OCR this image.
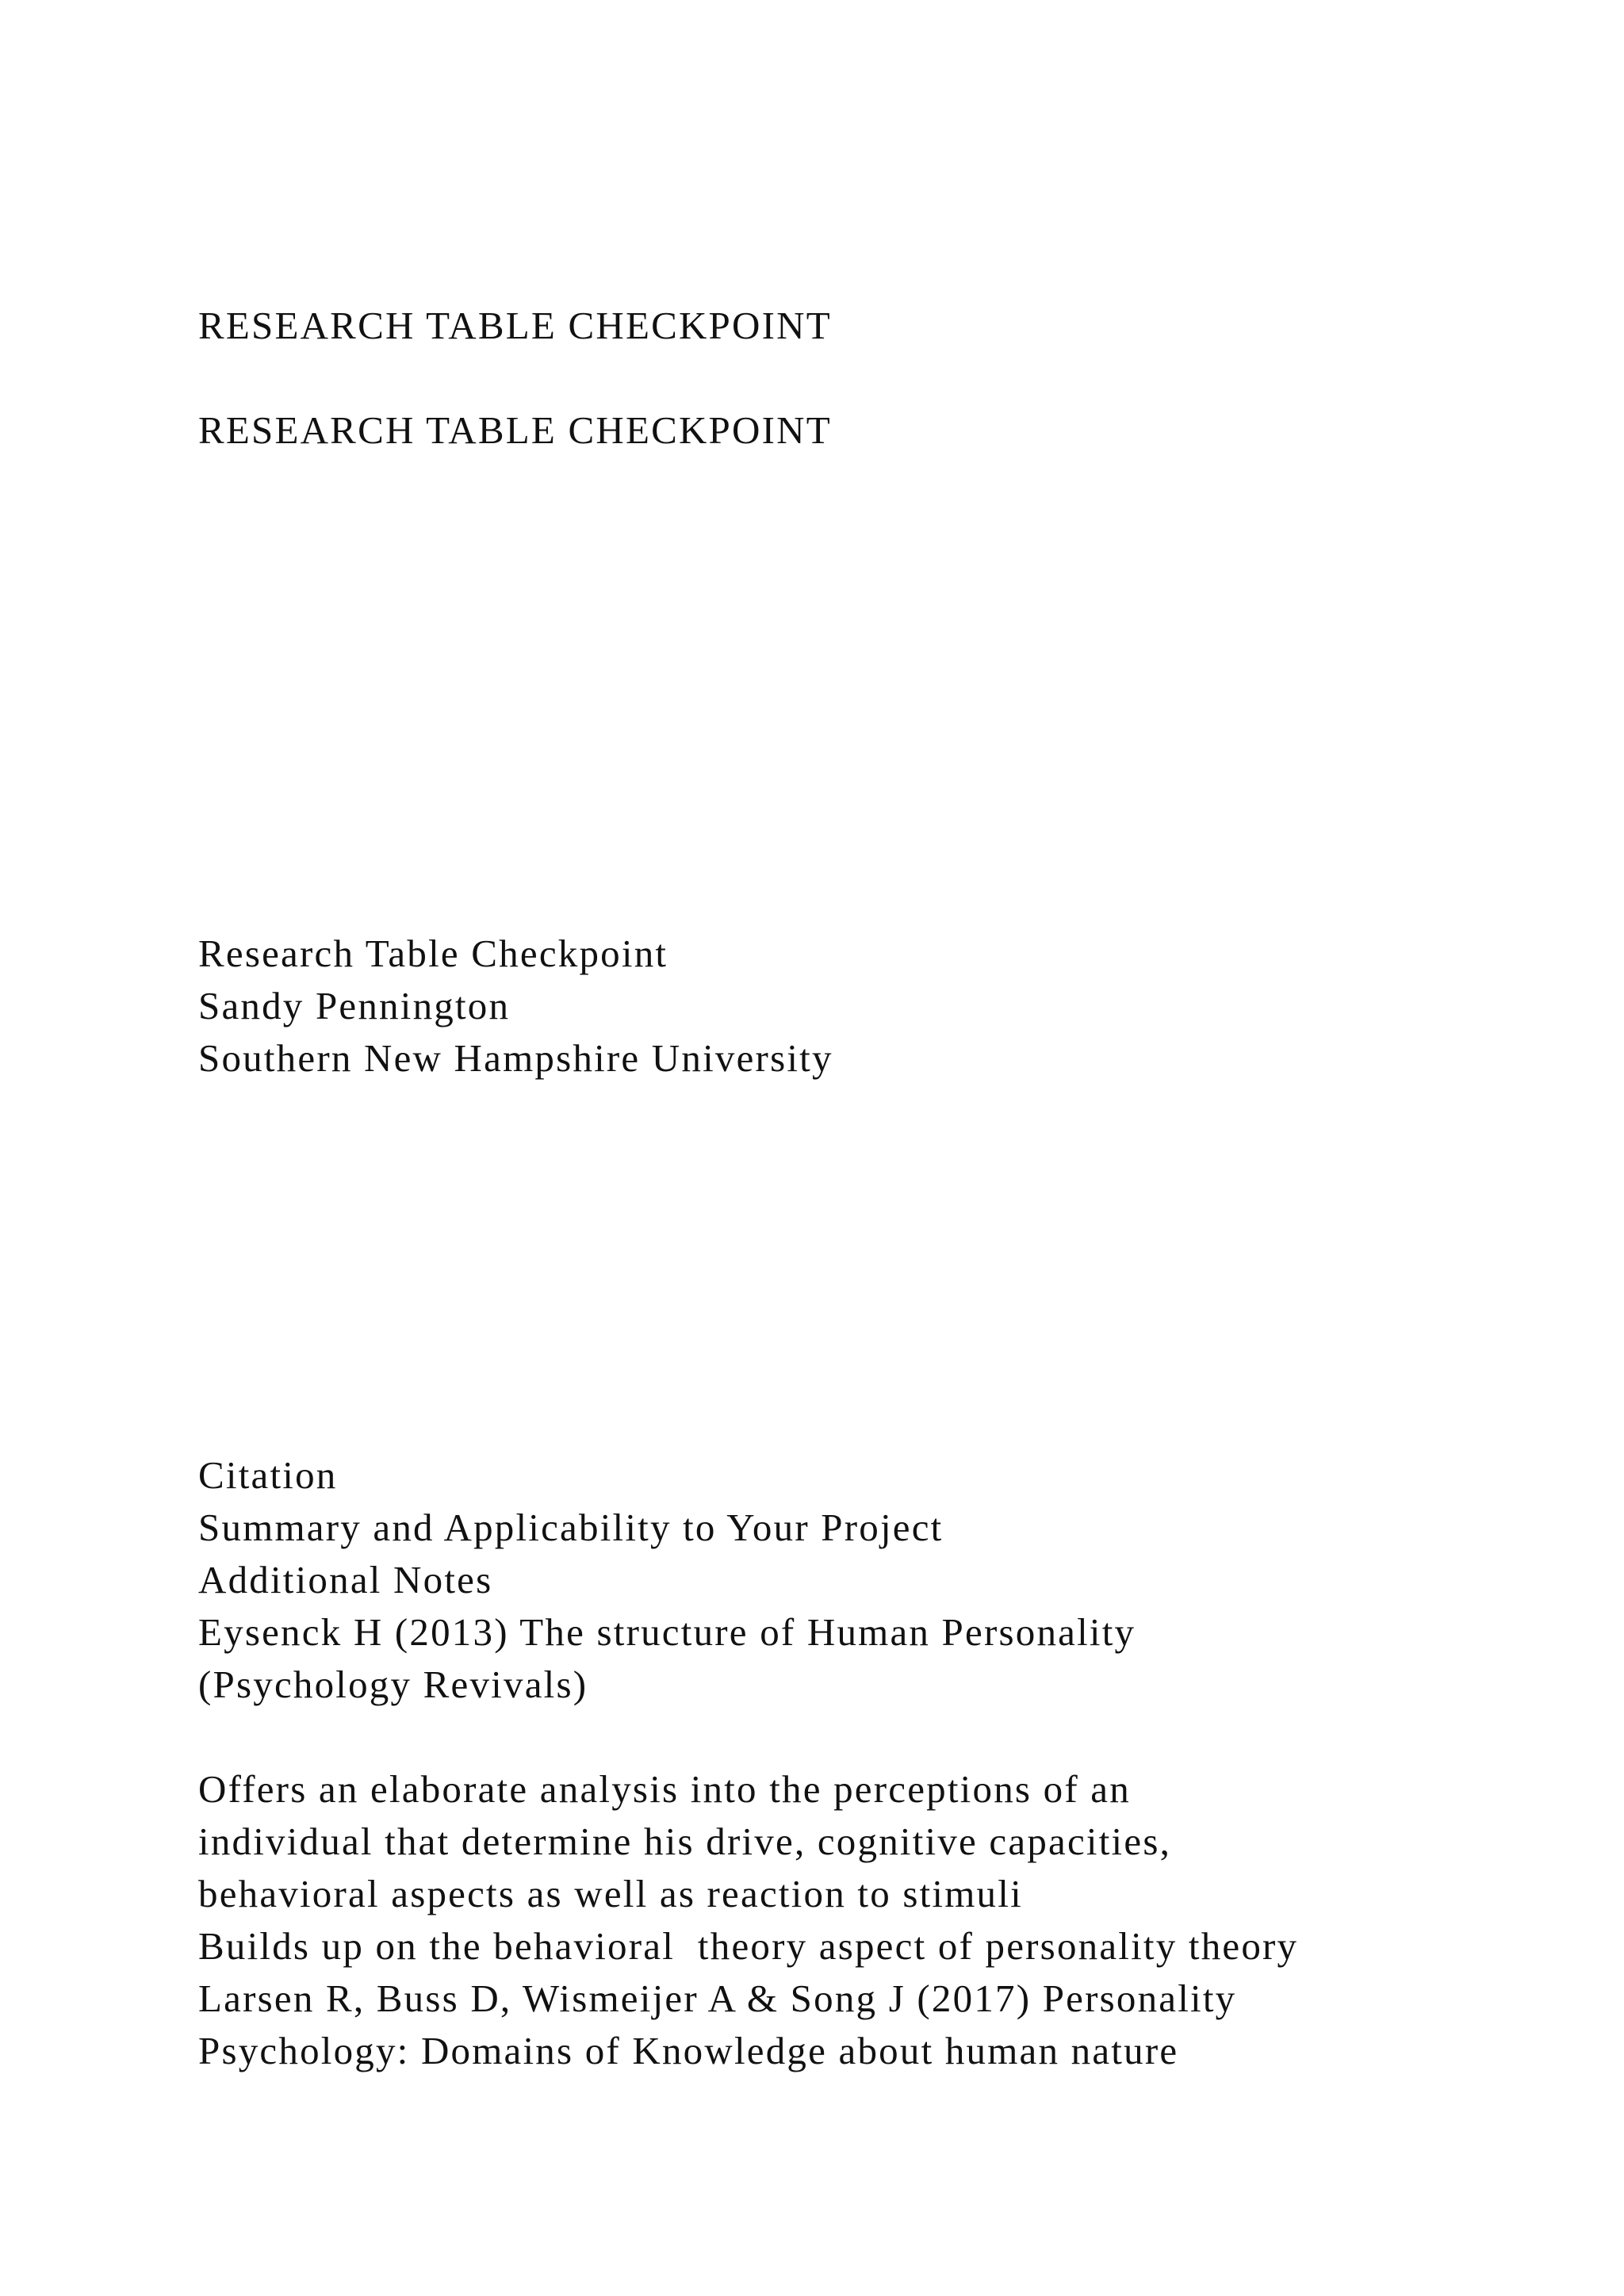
RESEARCH TABLE CHECKPOINT
RESEARCH TABLE CHECKPOINT
Research Table Checkpoint
Sandy Pennington
Southern New Hampshire University
Citation
Summary and Applicability to Your Project
Additional Notes
Eysenck H (2013) The structure of Human Personality
(Psychology Revivals)
Offers an elaborate analysis into the perceptions of an
individual that determine his drive, cognitive capacities,
behavioral aspects as well as reaction to stimuli
Builds up on the behavioral  theory aspect of personality theory
Larsen R, Buss D, Wismeijer A & Song J (2017) Personality
Psychology: Domains of Knowledge about human nature
